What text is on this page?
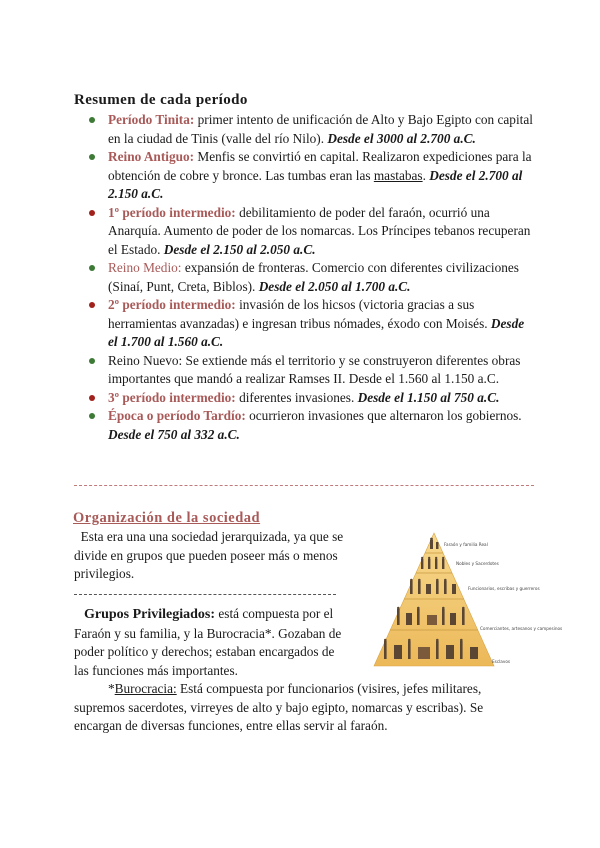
Resumen de cada período
Período Tinita: primer intento de unificación de Alto y Bajo Egipto con capital en la ciudad de Tinis (valle del río Nilo). Desde el 3000 al 2.700 a.C.
Reino Antiguo: Menfis se convirtió en capital. Realizaron expediciones para la obtención de cobre y bronce. Las tumbas eran las mastabas. Desde el 2.700 al 2.150 a.C.
1º período intermedio: debilitamiento de poder del faraón, ocurrió una Anarquía. Aumento de poder de los nomarcas. Los Príncipes tebanos recuperan el Estado. Desde el 2.150 al 2.050 a.C.
Reino Medio: expansión de fronteras. Comercio con diferentes civilizaciones (Sinaí, Punt, Creta, Biblos). Desde el 2.050 al 1.700 a.C.
2º período intermedio: invasión de los hicsos (victoria gracias a sus herramientas avanzadas) e ingresan tribus nómades, éxodo con Moisés. Desde el 1.700 al 1.560 a.C.
Reino Nuevo: Se extiende más el territorio y se construyeron diferentes obras importantes que mandó a realizar Ramses II. Desde el 1.560 al 1.150 a.C.
3º período intermedio: diferentes invasiones. Desde el 1.150 al 750 a.C.
Época o período Tardío: ocurrieron invasiones que alternaron los gobiernos. Desde el 750 al 332 a.C.
Organización de la sociedad
Esta era una una sociedad jerarquizada, ya que se divide en grupos que pueden poseer más o menos privilegios.
Grupos Privilegiados: está compuesta por el Faraón y su familia, y la Burocracia*. Gozaban de poder político y derechos; estaban encargados de las funciones más importantes.
*Burocracia: Está compuesta por funcionarios (visires, jefes militares, supremos sacerdotes, virreyes de alto y bajo egipto, nomarcas y escribas). Se encargan de diversas funciones, entre ellas servir al faraón.
Faraón y familia Real
Nobles y Sacerdotes
Funcionarios, escribas y guerreros
Comerciantes, artesanos y campesinos
Esclavos
